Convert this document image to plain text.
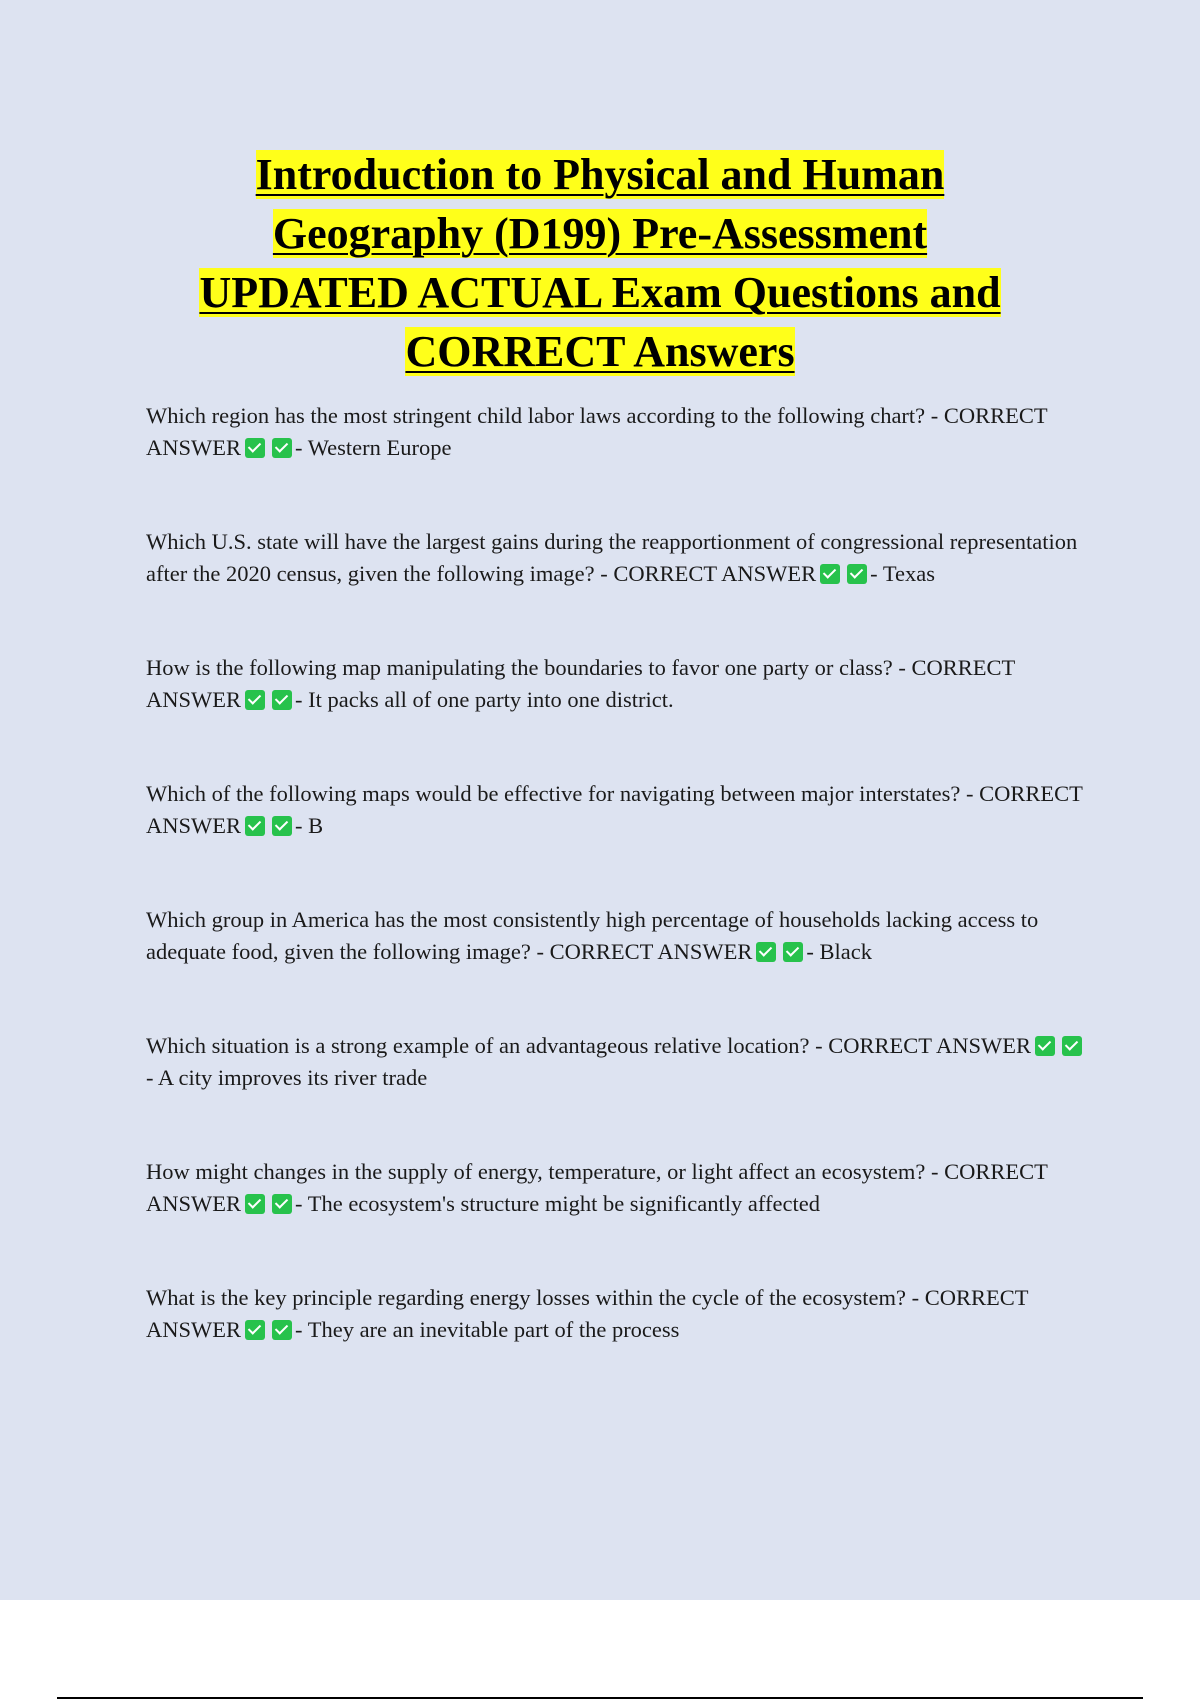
Introduction to Physical and Human
Geography (D199) Pre-Assessment
UPDATED ACTUAL Exam Questions and
CORRECT Answers
Which region has the most stringent child labor laws according to the following chart? - CORRECT ANSWER - Western Europe
Which U.S. state will have the largest gains during the reapportionment of congressional representation after the 2020 census, given the following image? - CORRECT ANSWER - Texas
How is the following map manipulating the boundaries to favor one party or class? - CORRECT ANSWER - It packs all of one party into one district.
Which of the following maps would be effective for navigating between major interstates? - CORRECT ANSWER - B
Which group in America has the most consistently high percentage of households lacking access to adequate food, given the following image? - CORRECT ANSWER - Black
Which situation is a strong example of an advantageous relative location? - CORRECT ANSWER- A city improves its river trade
How might changes in the supply of energy, temperature, or light affect an ecosystem? - CORRECT ANSWER - The ecosystem's structure might be significantly affected
What is the key principle regarding energy losses within the cycle of the ecosystem? - CORRECT ANSWER - They are an inevitable part of the process
